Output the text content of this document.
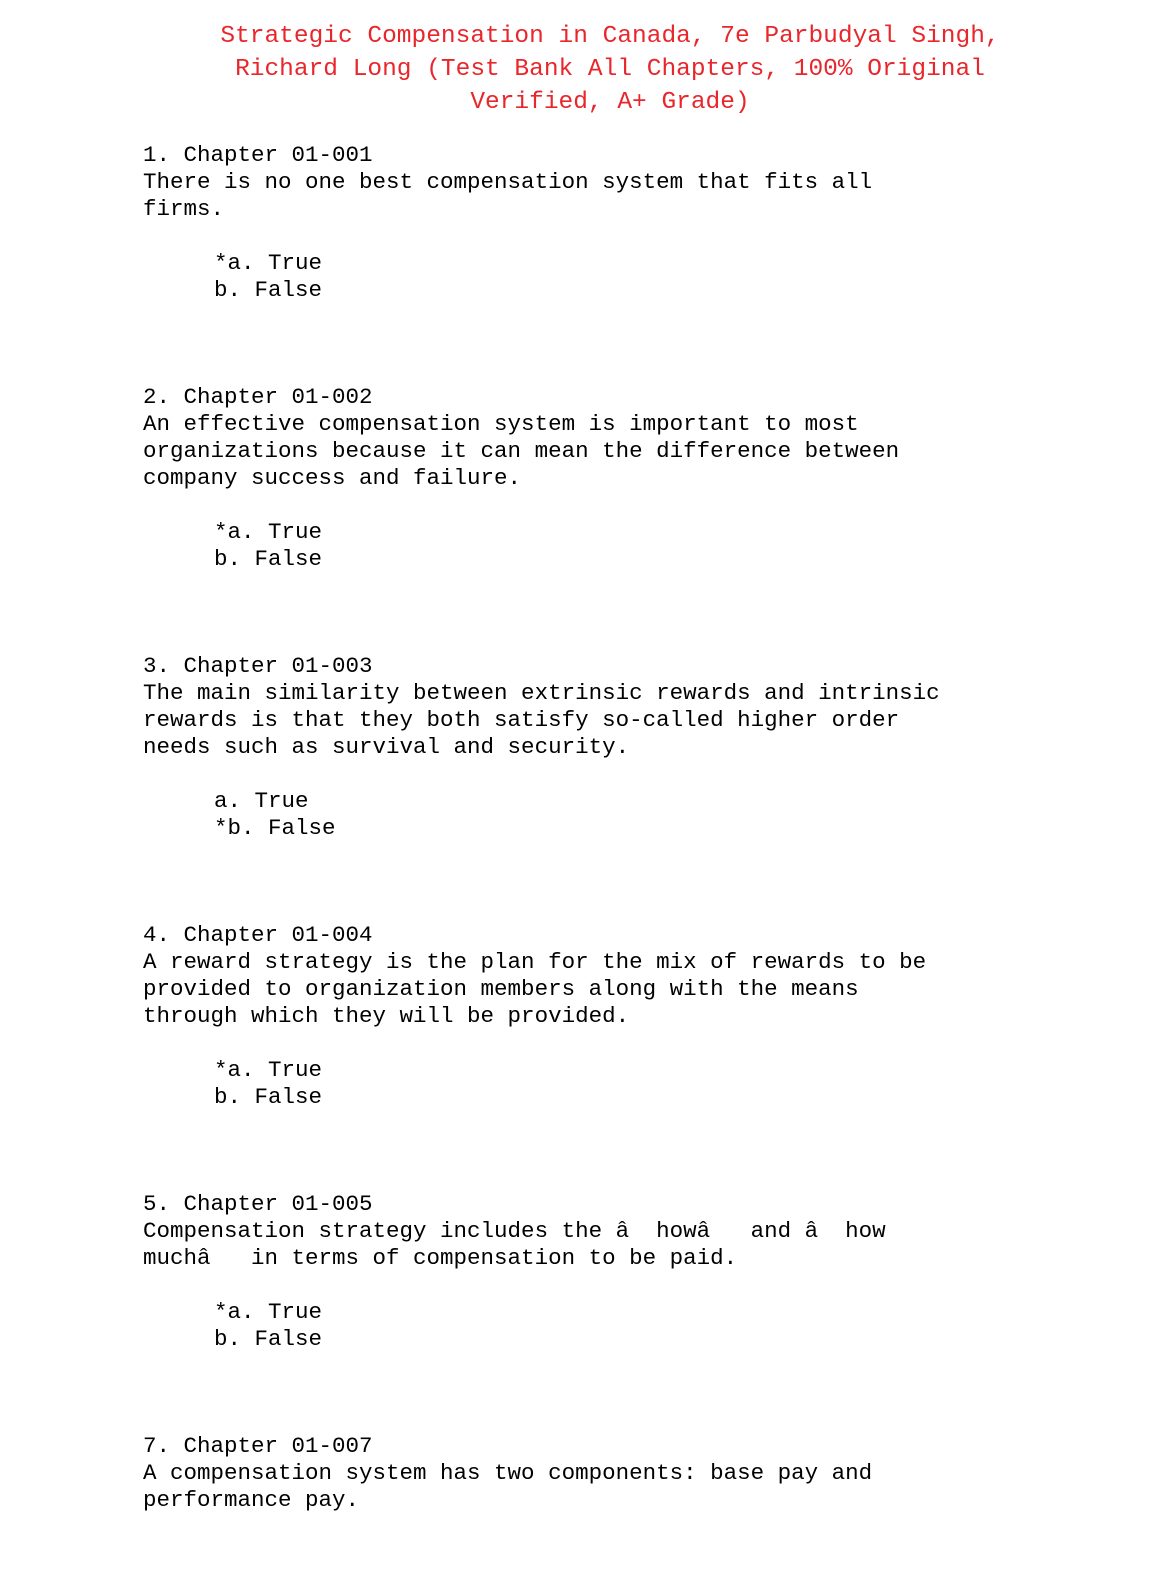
Strategic Compensation in Canada, 7e Parbudyal Singh,
Richard Long (Test Bank All Chapters, 100% Original
Verified, A+ Grade)

1. Chapter 01-001

There is no one best compensation system that fits all
firms.

*a. True
b. False

2. Chapter 01-002

An effective compensation system is important to most
organizations because it can mean the difference between
company success and failure.

*a. True
b. False

3. Chapter 01-003

The main similarity between extrinsic rewards and intrinsic
rewards is that they both satisfy so-called higher order
needs such as survival and security.

a. True
*b. False

4. Chapter 01-004

A reward strategy is the plan for the mix of rewards to be
provided to organization members along with the means
through which they will be provided.

*a. True
b. False

5. Chapter 01-005

Compensation strategy includes the â  howâ   and â  how
muchâ   in terms of compensation to be paid.

*a. True
b. False

7. Chapter 01-007

A compensation system has two components: base pay and
performance pay.
